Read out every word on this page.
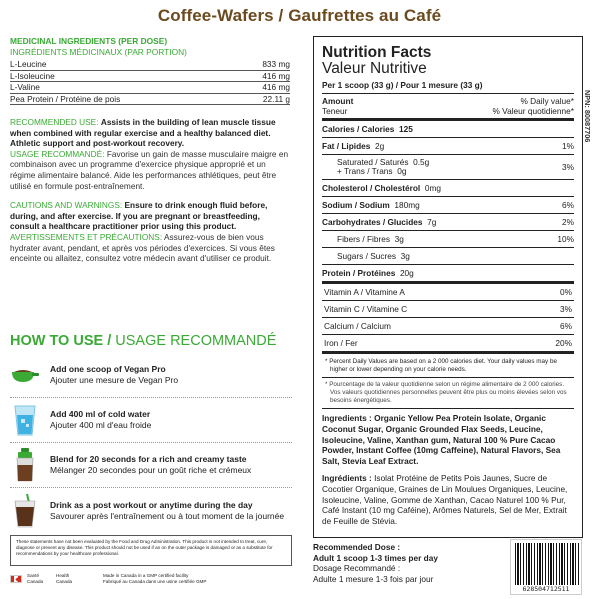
Coffee-Wafers / Gaufrettes au Café
MEDICINAL INGREDIENTS (PER DOSE)
INGRÉDIENTS MÉDICINAUX (PAR PORTION)
L-Leucine	833 mg
L-Isoleucine	416 mg
L-Valine	416 mg
Pea Protein / Protéine de pois	22.11 g
RECOMMENDED USE: Assists in the building of lean muscle tissue when combined with regular exercise and a healthy balanced diet. Athletic support and post-workout recovery.
USAGE RECOMMANDÉ: Favorise un gain de masse musculaire maigre en combinaison avec un programme d'exercice physique approprié et un régime alimentaire balancé. Aide les performances athlétiques, peut être utilisé en formule post-entraînement.
CAUTIONS AND WARNINGS: Ensure to drink enough fluid before, during, and after exercise. If you are pregnant or breastfeeding, consult a healthcare practitioner prior using this product.
AVERTISSEMENTS ET PRÉCAUTIONS: Assurez-vous de bien vous hydrater avant, pendant, et après vos périodes d'exercices. Si vous êtes enceinte ou allaitez, consultez votre médecin avant d'utiliser ce produit.
HOW TO USE / USAGE RECOMMANDÉ
Add one scoop of Vegan Pro
Ajouter une mesure de Vegan Pro
Add 400 ml of cold water
Ajouter 400 ml d'eau froide
Blend for 20 seconds for a rich and creamy taste
Mélanger 20 secondes pour un goût riche et crémeux
Drink as a post workout or anytime during the day
Savourer après l'entraînement ou à tout moment de la journée
These statements have not been evaluated by the Food and Drug Administration. This product is not intended to treat, cure, diagnose or prevent any disease. This product should not be used if an on the outer package is damaged or as a substitute for recommendations by your healthcare professional.
Santé Canada
Health Canada
Made in Canada in a GMP certified facility
Fabriqué au Canada dans une usine certifiée GMP
Nutrition Facts
Valeur Nutritive
Per 1 scoop (33 g) / Pour 1 mesure (33 g)
Amount
Teneur
% Daily value*
% Valeur quotidienne*
Calories / Calories 125
Fat / Lipides 2g	1%
Saturated / Saturés 0.5g
+ Trans / Trans 0g	3%
Cholesterol / Cholestérol 0mg
Sodium / Sodium 180mg	6%
Carbohydrates / Glucides 7g	2%
Fibers / Fibres 3g	10%
Sugars / Sucres 3g
Protein / Protéines 20g
Vitamin A / Vitamine A	0%
Vitamin C / Vitamine C	3%
Calcium / Calcium	6%
Iron / Fer	20%
* Percent Daily Values are based on a 2 000 calories diet. Your daily values may be higher or lower depending on your calorie needs.
* Pourcentage de la valeur quotidienne selon un régime alimentaire de 2 000 calories. Vos valeurs quotidiennes personnelles peuvent être plus ou moins élevées selon vos besoins énergétiques.
Ingredients : Organic Yellow Pea Protein Isolate, Organic Coconut Sugar, Organic Grounded Flax Seeds, Leucine, Isoleucine, Valine, Xanthan gum, Natural 100 % Pure Cacao Powder, Instant Coffee (10mg Caffeine), Natural Flavors, Sea Salt, Stevia Leaf Extract.
Ingrédients : Isolat Protéine de Petits Pois Jaunes, Sucre de Cocotier Organique, Graines de Lin Moulues Organiques, Leucine, Isoleucine, Valine, Gomme de Xanthan, Cacao Naturel 100 % Pur, Café Instant (10 mg Caféine), Arômes Naturels, Sel de Mer, Extrait de Feuille de Stévia.
NPN: 80087706
Recommended Dose :
Adult 1 scoop 1-3 times per day
Dosage Recommandé :
Adulte 1 mesure 1-3 fois par jour
628504712511
